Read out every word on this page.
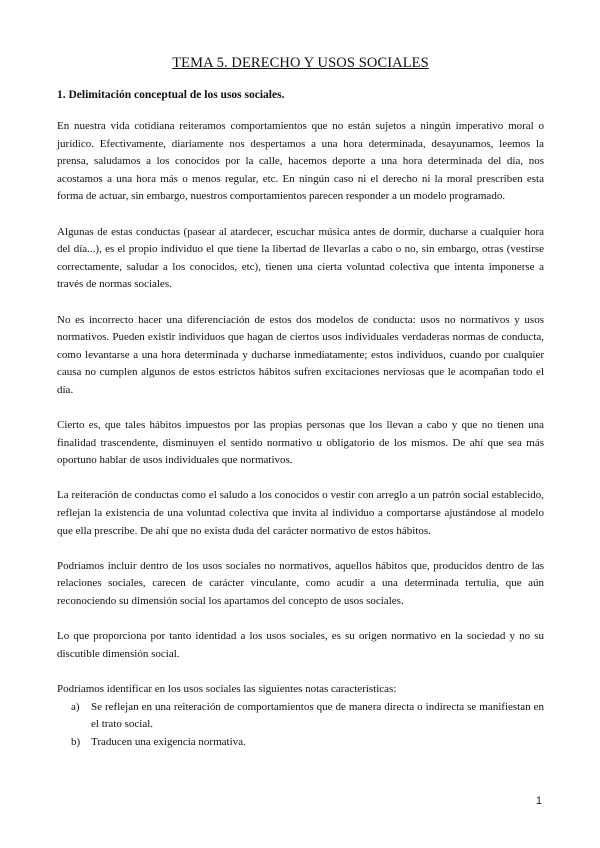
TEMA 5. DERECHO Y USOS SOCIALES
1. Delimitación conceptual de los usos sociales.

En nuestra vida cotidiana reiteramos comportamientos que no están sujetos a ningún imperativo moral o jurídico. Efectivamente, diariamente nos despertamos a una hora determinada, desayunamos, leemos la prensa, saludamos a los conocidos por la calle, hacemos deporte a una hora determinada del día, nos acostamos a una hora más o menos regular, etc. En ningún caso ni el derecho ni la moral prescriben esta forma de actuar, sin embargo, nuestros comportamientos parecen responder a un modelo programado.

Algunas de estas conductas (pasear al atardecer, escuchar música antes de dormir, ducharse a cualquier hora del día...), es el propio individuo el que tiene la libertad de llevarlas a cabo o no, sin embargo, otras (vestirse correctamente, saludar a los conocidos, etc), tienen una cierta voluntad colectiva que intenta imponerse a través de normas sociales.

No es incorrecto hacer una diferenciación de estos dos modelos de conducta: usos no normativos y usos normativos. Pueden existir individuos que hagan de ciertos usos individuales verdaderas normas de conducta, como levantarse a una hora determinada y ducharse inmediatamente; estos individuos, cuando por cualquier causa no cumplen algunos de estos estrictos hábitos sufren excitaciones nerviosas que le acompañan todo el día.

Cierto es, que tales hábitos impuestos por las propias personas que los llevan a cabo y que no tienen una finalidad trascendente, disminuyen el sentido normativo u obligatorio de los mismos. De ahí que sea más oportuno hablar de usos individuales que normativos.

La reiteración de conductas como el saludo a los conocidos o vestir con arreglo a un patrón social establecido, reflejan la existencia de una voluntad colectiva que invita al individuo a comportarse ajustándose al modelo que ella prescribe. De ahí que no exista duda del carácter normativo de estos hábitos.

Podríamos incluir dentro de los usos sociales no normativos, aquellos hábitos que, producidos dentro de las relaciones sociales, carecen de carácter vinculante, como acudir a una determinada tertulia, que aún reconociendo su dimensión social los apartamos del concepto de usos sociales.

Lo que proporciona por tanto identidad a los usos sociales, es su origen normativo en la sociedad y no su discutible dimensión social.

Podríamos identificar en los usos sociales las siguientes notas características:

a)	Se reflejan en una reiteración de comportamientos que de manera directa o indirecta se manifiestan en el trato social.
b) Traducen una exigencia normativa.
1
